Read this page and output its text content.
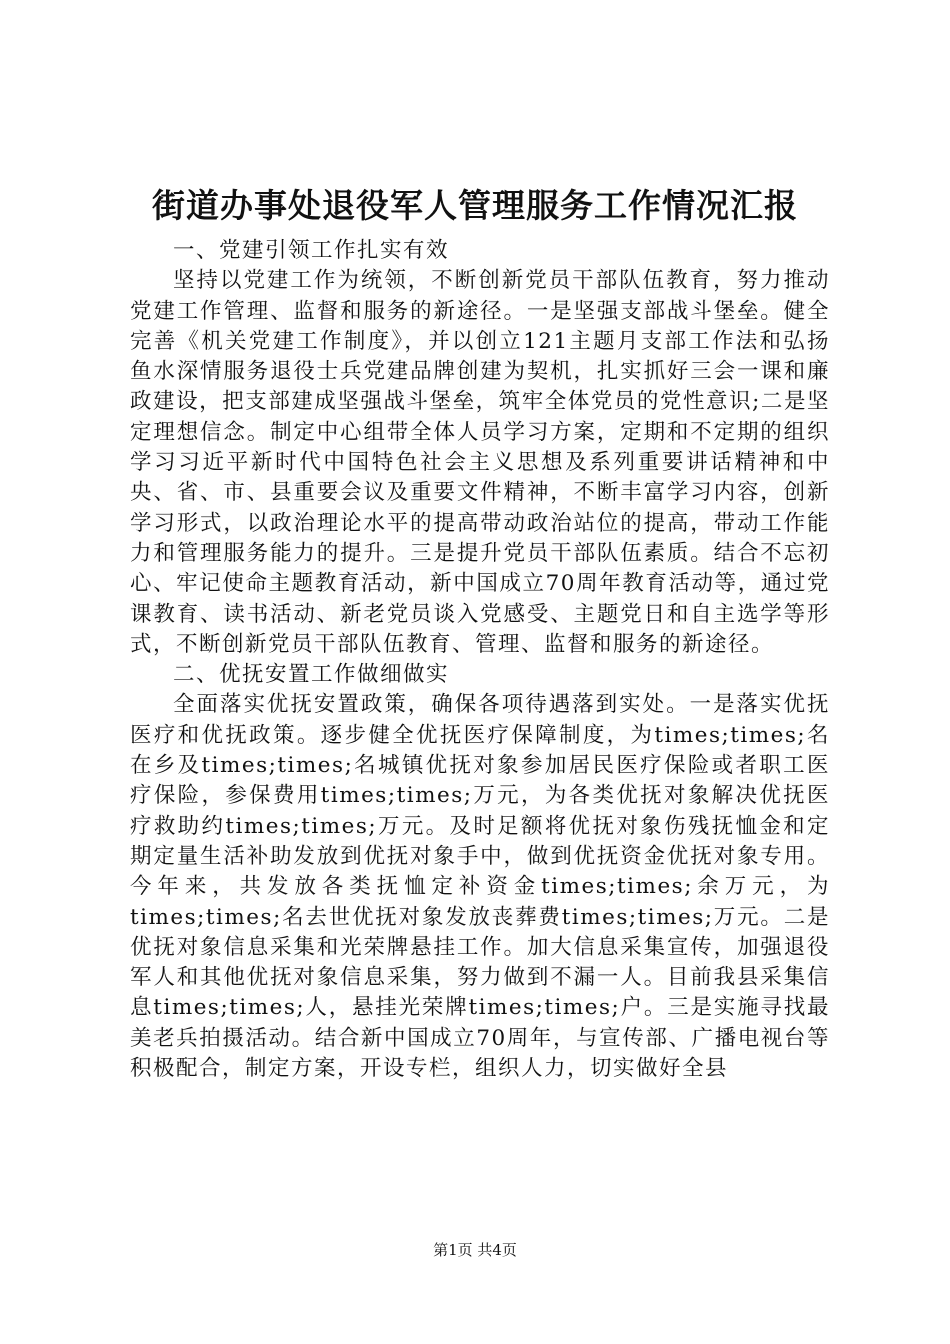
街道办事处退役军人管理服务工作情况汇报

一、党建引领工作扎实有效

坚持以党建工作为统领，不断创新党员干部队伍教育，努力推动党建工作管理、监督和服务的新途径。一是坚强支部战斗堡垒。健全完善《机关党建工作制度》，并以创立121主题月支部工作法和弘扬鱼水深情服务退役士兵党建品牌创建为契机，扎实抓好三会一课和廉政建设，把支部建成坚强战斗堡垒，筑牢全体党员的党性意识;二是坚定理想信念。制定中心组带全体人员学习方案，定期和不定期的组织学习习近平新时代中国特色社会主义思想及系列重要讲话精神和中央、省、市、县重要会议及重要文件精神，不断丰富学习内容，创新学习形式，以政治理论水平的提高带动政治站位的提高，带动工作能力和管理服务能力的提升。三是提升党员干部队伍素质。结合不忘初心、牢记使命主题教育活动，新中国成立70周年教育活动等，通过党课教育、读书活动、新老党员谈入党感受、主题党日和自主选学等形式，不断创新党员干部队伍教育、管理、监督和服务的新途径。

二、优抚安置工作做细做实

全面落实优抚安置政策，确保各项待遇落到实处。一是落实优抚医疗和优抚政策。逐步健全优抚医疗保障制度，为times;times;名在乡及times;times;名城镇优抚对象参加居民医疗保险或者职工医疗保险，参保费用times;times;万元，为各类优抚对象解决优抚医疗救助约times;times;万元。及时足额将优抚对象伤残抚恤金和定期定量生活补助发放到优抚对象手中，做到优抚资金优抚对象专用。今年来，共发放各类抚恤定补资金times;times;余万元，为times;times;名去世优抚对象发放丧葬费times;times;万元。二是优抚对象信息采集和光荣牌悬挂工作。加大信息采集宣传，加强退役军人和其他优抚对象信息采集，努力做到不漏一人。目前我县采集信息times;times;人，悬挂光荣牌times;times;户。三是实施寻找最美老兵拍摄活动。结合新中国成立70周年，与宣传部、广播电视台等积极配合，制定方案，开设专栏，组织人力，切实做好全县

第1页 共4页
